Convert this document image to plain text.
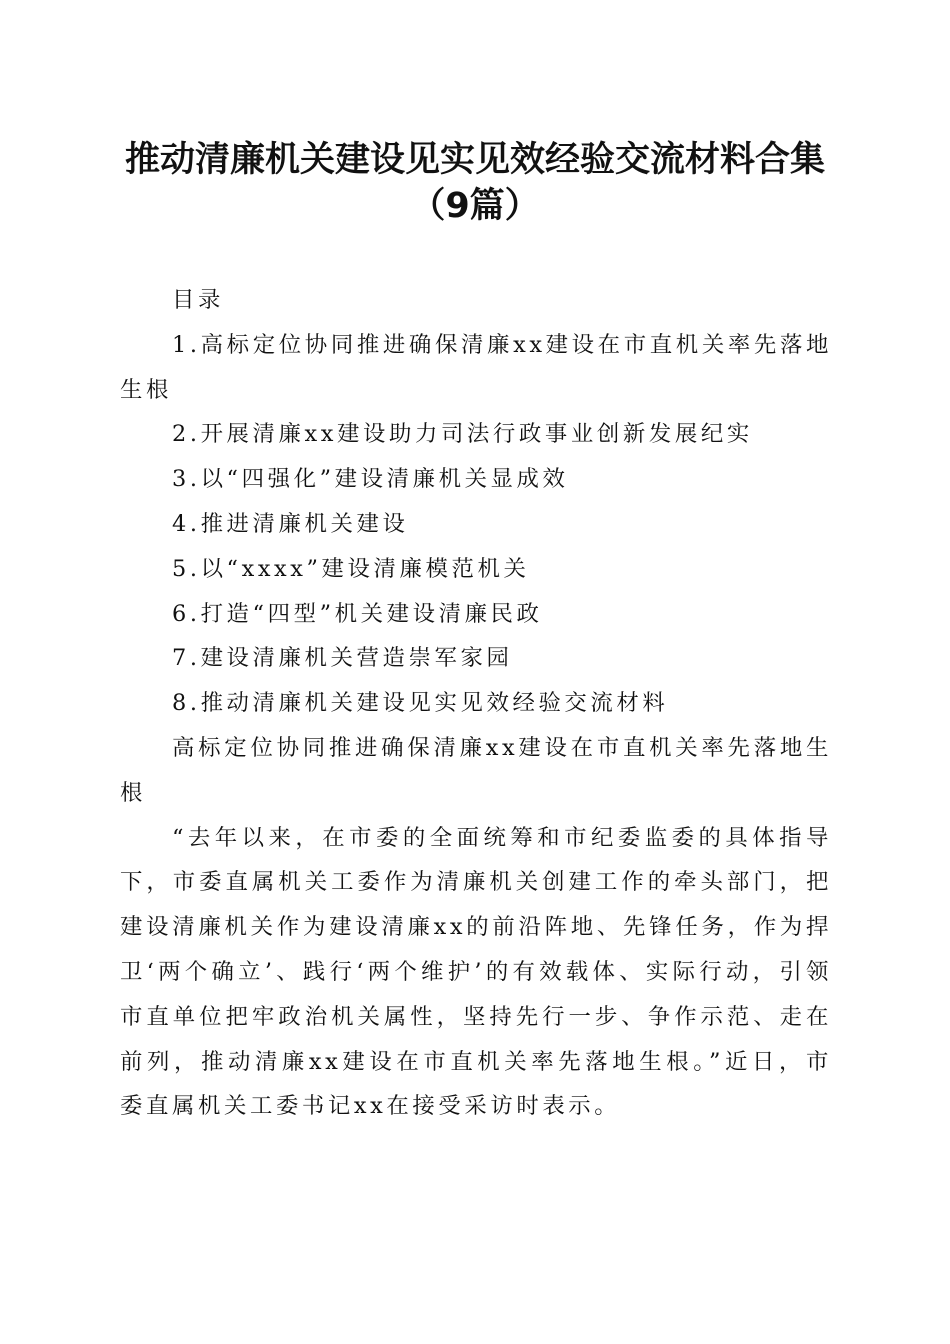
推动清廉机关建设见实见效经验交流材料合集
（9篇）

目录

1.高标定位协同推进确保清廉xx建设在市直机关率先落地生根

2.开展清廉xx建设助力司法行政事业创新发展纪实

3.以“四强化”建设清廉机关显成效

4.推进清廉机关建设

5.以“xxxx”建设清廉模范机关

6.打造“四型”机关建设清廉民政

7.建设清廉机关营造崇军家园

8.推动清廉机关建设见实见效经验交流材料

高标定位协同推进确保清廉xx建设在市直机关率先落地生根

“去年以来，在市委的全面统筹和市纪委监委的具体指导下，市委直属机关工委作为清廉机关创建工作的牵头部门，把建设清廉机关作为建设清廉xx的前沿阵地、先锋任务，作为捍卫‘两个确立’、践行‘两个维护’的有效载体、实际行动，引领市直单位把牢政治机关属性，坚持先行一步、争作示范、走在前列，推动清廉xx建设在市直机关率先落地生根。”近日，市委直属机关工委书记xx在接受采访时表示。
